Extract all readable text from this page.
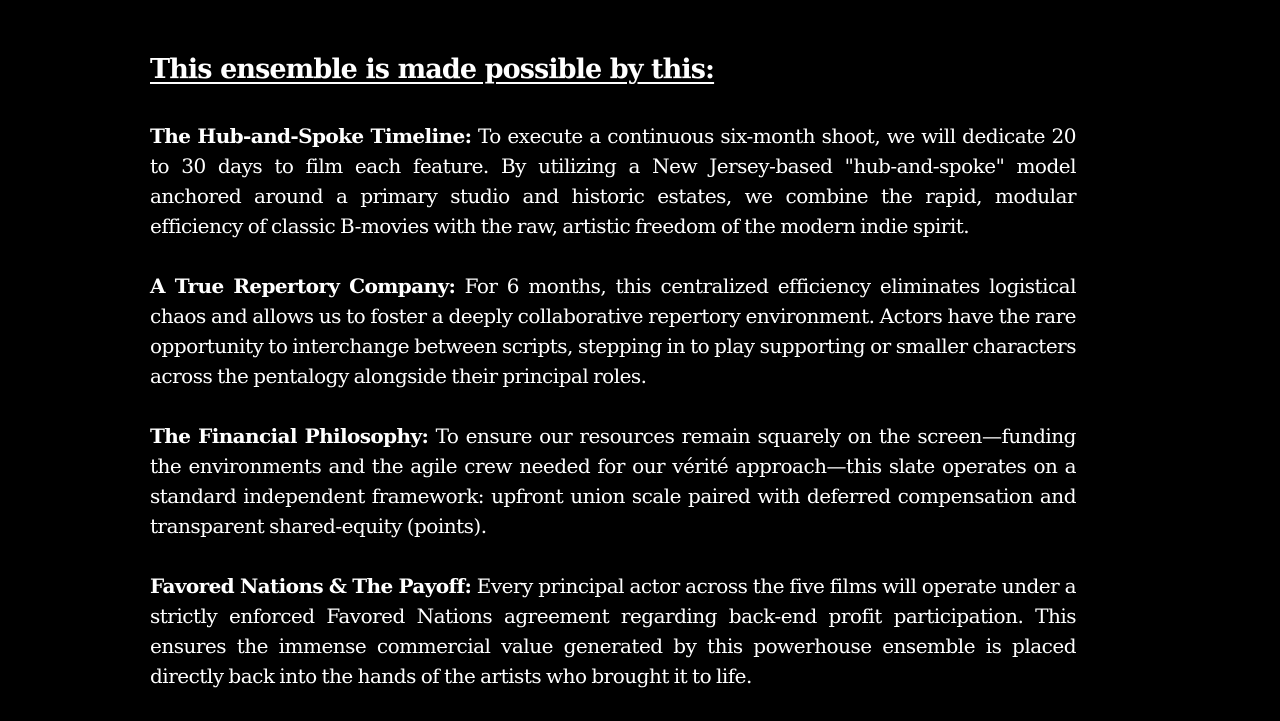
This ensemble is made possible by this:

The Hub-and-Spoke Timeline: To execute a continuous six-month shoot, we will dedicate 20 to 30 days to film each feature. By utilizing a New Jersey-based "hub-and-spoke" model anchored around a primary studio and historic estates, we combine the rapid, modular efficiency of classic B-movies with the raw, artistic freedom of the modern indie spirit.

A True Repertory Company: For 6 months, this centralized efficiency eliminates logistical chaos and allows us to foster a deeply collaborative repertory environment. Actors have the rare opportunity to interchange between scripts, stepping in to play supporting or smaller characters across the pentalogy alongside their principal roles.

The Financial Philosophy: To ensure our resources remain squarely on the screen—funding the environments and the agile crew needed for our vérité approach—this slate operates on a standard independent framework: upfront union scale paired with deferred compensation and transparent shared-equity (points).

Favored Nations & The Payoff: Every principal actor across the five films will operate under a strictly enforced Favored Nations agreement regarding back-end profit participation. This ensures the immense commercial value generated by this powerhouse ensemble is placed directly back into the hands of the artists who brought it to life.
